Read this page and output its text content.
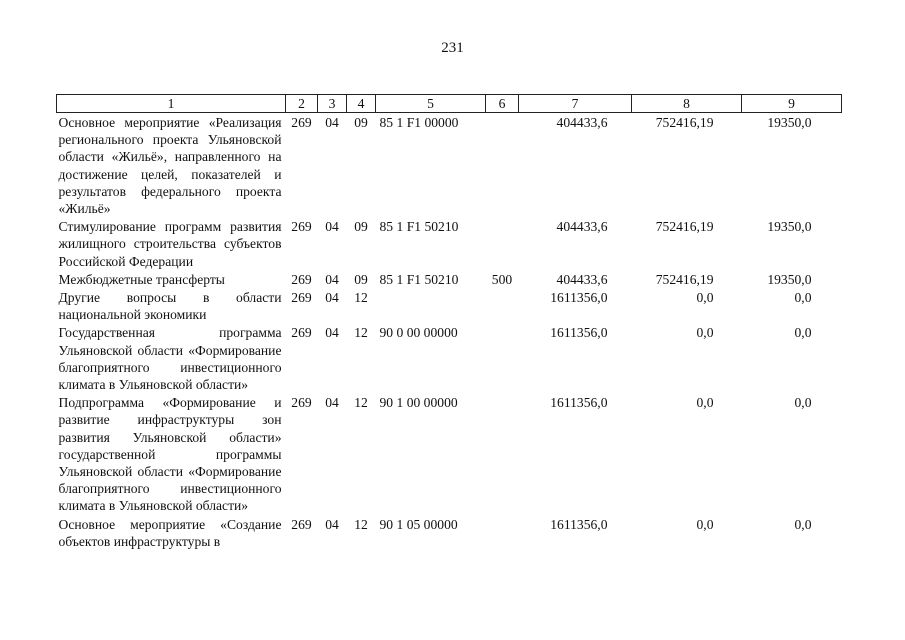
231
1	2	3	4	5	6	7	8	9
Основное мероприятие «Реализация регионального проекта Ульяновской области «Жильё», направленного на достижение целей, показателей и результатов федерального проекта «Жильё»	269	04	09	85 1 F1 00000		404433,6	752416,19	19350,0
Стимулирование программ развития жилищного строительства субъектов Российской Федерации	269	04	09	85 1 F1 50210		404433,6	752416,19	19350,0
Межбюджетные трансферты	269	04	09	85 1 F1 50210	500	404433,6	752416,19	19350,0
Другие вопросы в области национальной экономики	269	04	12			1611356,0	0,0	0,0
Государственная программа Ульяновской области «Формирование благоприятного инвестиционного климата в Ульяновской области»	269	04	12	90 0 00 00000		1611356,0	0,0	0,0
Подпрограмма «Формирование и развитие инфраструктуры зон развития Ульяновской области» государственной программы Ульяновской области «Формирование благоприятного инвестиционного климата в Ульяновской области»	269	04	12	90 1 00 00000		1611356,0	0,0	0,0
Основное мероприятие «Создание объектов инфраструктуры в	269	04	12	90 1 05 00000		1611356,0	0,0	0,0
